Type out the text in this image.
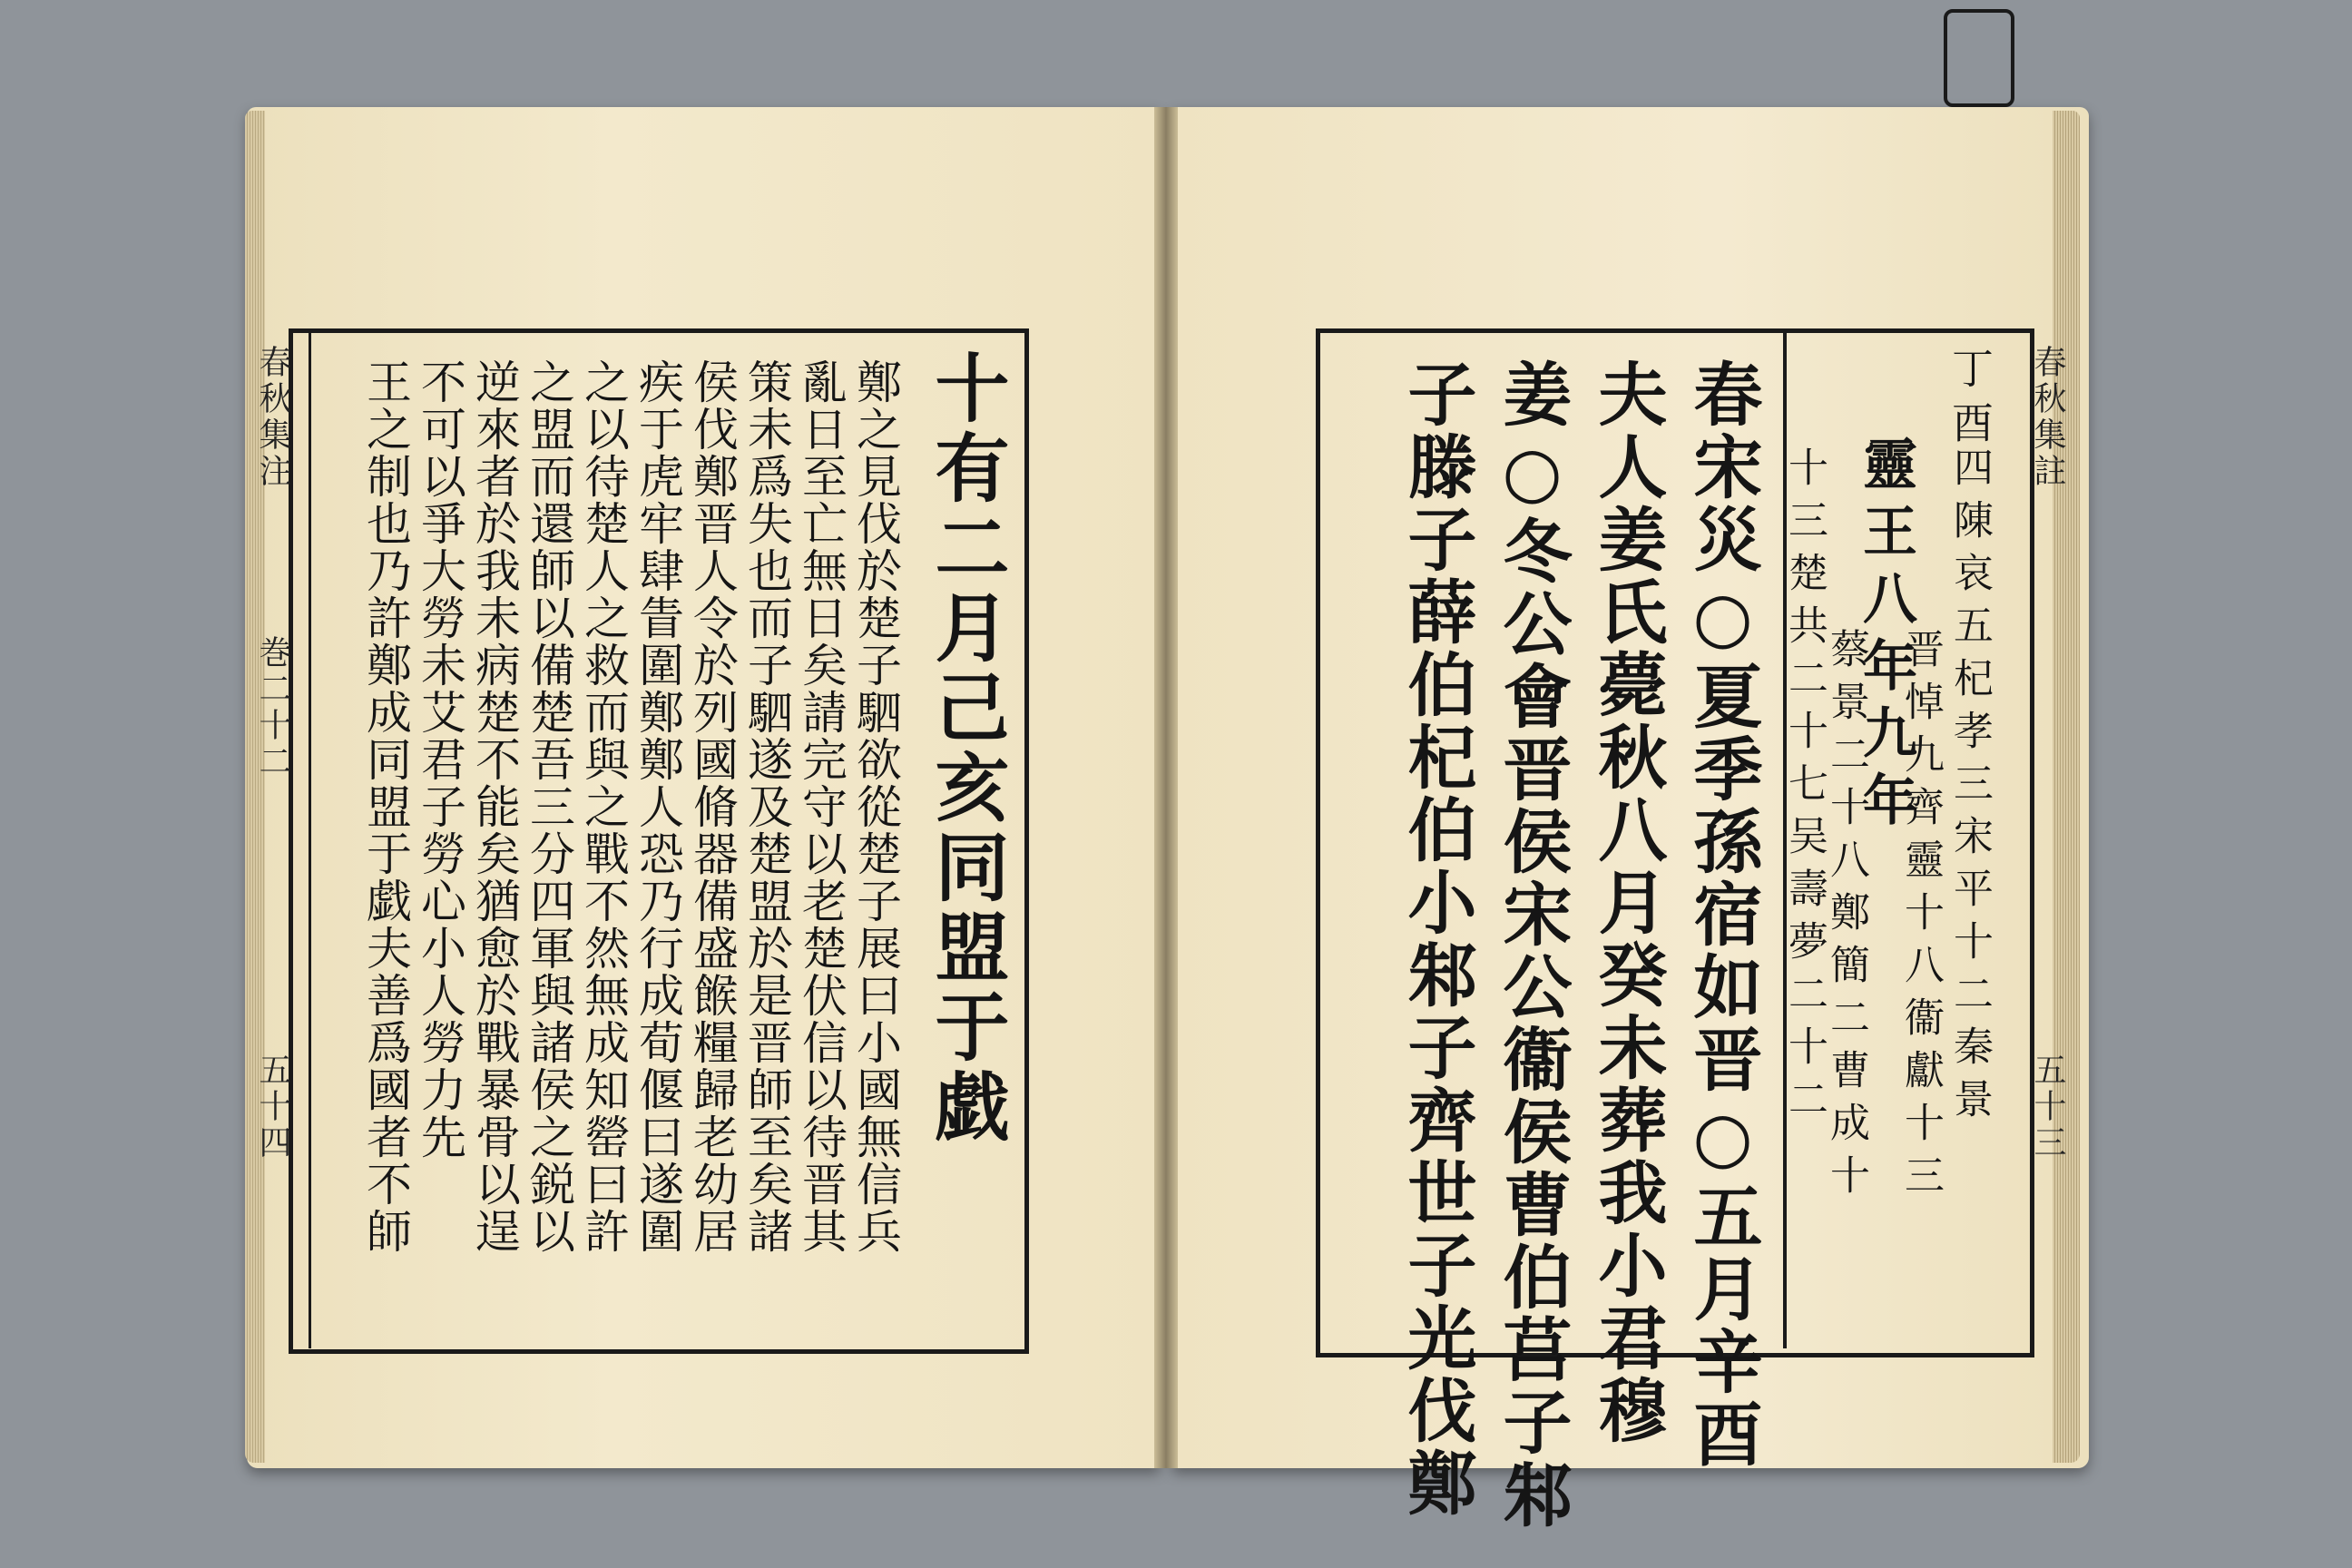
春秋集注
巻二十二
五十四	十有二月己亥同盟于戯
鄭之見伐於楚子駟欲從楚子展曰小國無信兵
亂日至亡無日矣請完守以老楚伏信以待晋其
策未爲失也而子駟遂及楚盟於是晋師至矣諸
侯伐鄭晋人令於列國脩器備盛餱糧歸老幼居
疾于虎牢肆眚圍鄭鄭人恐乃行成荀偃曰遂圍
之以待楚人之救而與之戰不然無成知罃曰許
之盟而還師以備楚吾三分四軍與諸侯之鋭以
逆來者於我未病楚不能矣猶愈於戰暴骨以逞
不可以爭大勞未艾君子勞心小人勞力先
王之制也乃許鄭成同盟于戯夫善爲國者不師	春秋集註
五十三
丁酉
靈王八年九年 四陳哀五杞孝三宋平十二秦景
十三楚共二十七吴壽夢二十二 晋悼九齊靈十八衞獻十三
蔡景二十八鄭簡二曹成十
春宋災○夏季孫宿如晋○五月辛酉
夫人姜氏薨秋八月癸未葬我小君穆
姜○冬公會晋侯宋公衞侯曹伯莒子邾
子滕子薛伯杞伯小邾子齊世子光伐鄭
